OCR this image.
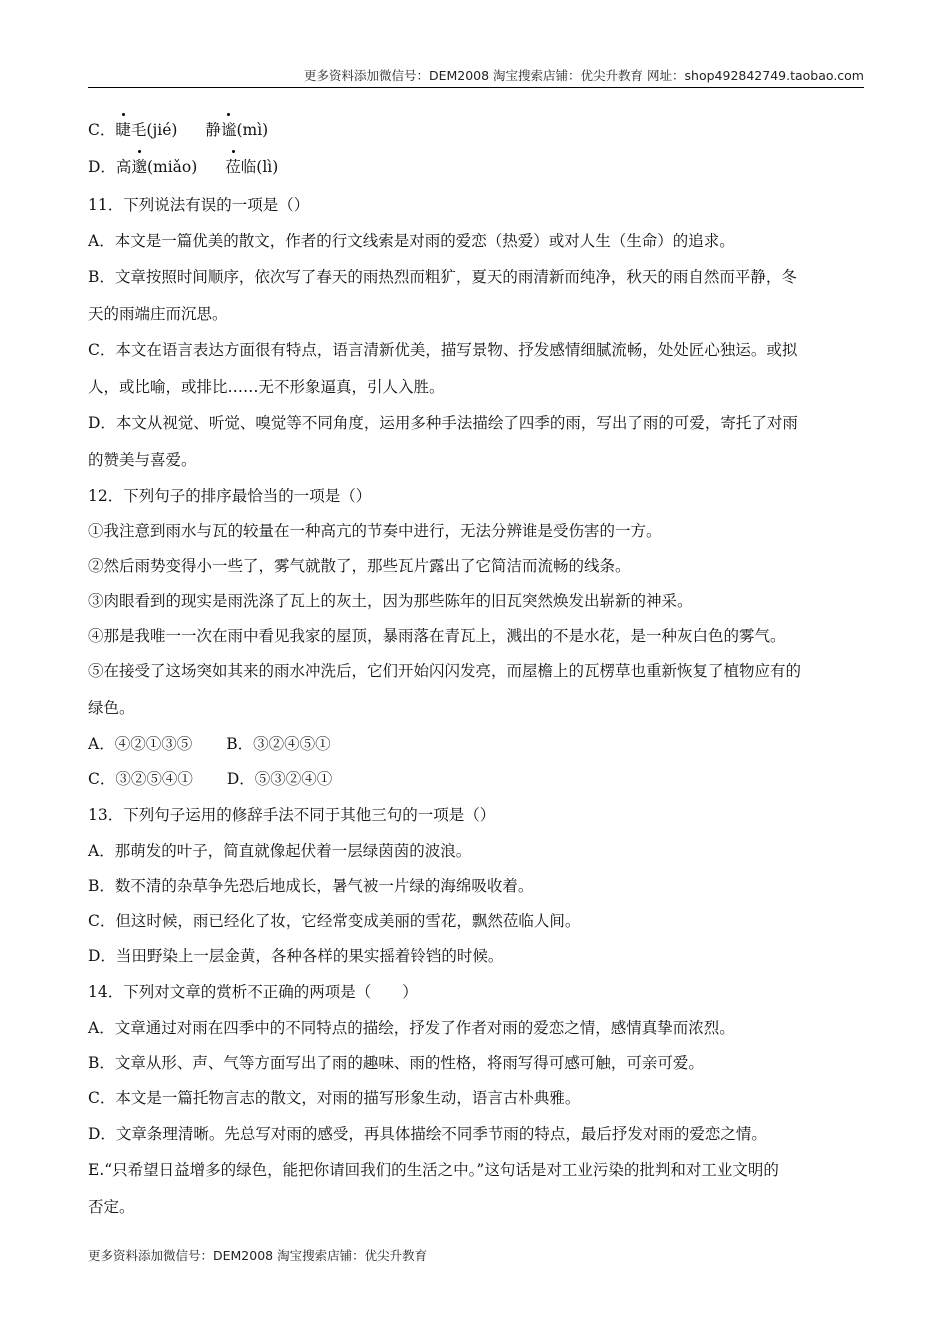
更多资料添加微信号：DEM2008 淘宝搜索店铺：优尖升教育 网址：shop492842749.taobao.com
C．睫毛(jié) 静谧(mì)
D．高邈(miǎo) 莅临(lì)
11．下列说法有误的一项是（）
A．本文是一篇优美的散文，作者的行文线索是对雨的爱恋（热爱）或对人生（生命）的追求。
B．文章按照时间顺序，依次写了春天的雨热烈而粗犷，夏天的雨清新而纯净，秋天的雨自然而平静，冬
天的雨端庄而沉思。
C．本文在语言表达方面很有特点，语言清新优美，描写景物、抒发感情细腻流畅，处处匠心独运。或拟
人，或比喻，或排比……无不形象逼真，引人入胜。
D．本文从视觉、听觉、嗅觉等不同角度，运用多种手法描绘了四季的雨，写出了雨的可爱，寄托了对雨
的赞美与喜爱。
12．下列句子的排序最恰当的一项是（）
①我注意到雨水与瓦的较量在一种高亢的节奏中进行，无法分辨谁是受伤害的一方。
②然后雨势变得小一些了，雾气就散了，那些瓦片露出了它简洁而流畅的线条。
③肉眼看到的现实是雨洗涤了瓦上的灰土，因为那些陈年的旧瓦突然焕发出崭新的神采。
④那是我唯一一次在雨中看见我家的屋顶，暴雨落在青瓦上，溅出的不是水花，是一种灰白色的雾气。
⑤在接受了这场突如其来的雨水冲洗后，它们开始闪闪发亮，而屋檐上的瓦楞草也重新恢复了植物应有的
绿色。
A．④②①③⑤ B．③②④⑤①
C．③②⑤④① D．⑤③②④①
13．下列句子运用的修辞手法不同于其他三句的一项是（）
A．那萌发的叶子，简直就像起伏着一层绿茵茵的波浪。
B．数不清的杂草争先恐后地成长，暑气被一片绿的海绵吸收着。
C．但这时候，雨已经化了妆，它经常变成美丽的雪花，飘然莅临人间。
D．当田野染上一层金黄，各种各样的果实摇着铃铛的时候。
14．下列对文章的赏析不正确的两项是（　　）
A．文章通过对雨在四季中的不同特点的描绘，抒发了作者对雨的爱恋之情，感情真挚而浓烈。
B．文章从形、声、气等方面写出了雨的趣味、雨的性格，将雨写得可感可触，可亲可爱。
C．本文是一篇托物言志的散文，对雨的描写形象生动，语言古朴典雅。
D．文章条理清晰。先总写对雨的感受，再具体描绘不同季节雨的特点，最后抒发对雨的爱恋之情。
E.“只希望日益增多的绿色，能把你请回我们的生活之中。”这句话是对工业污染的批判和对工业文明的
否定。
更多资料添加微信号：DEM2008 淘宝搜索店铺：优尖升教育
